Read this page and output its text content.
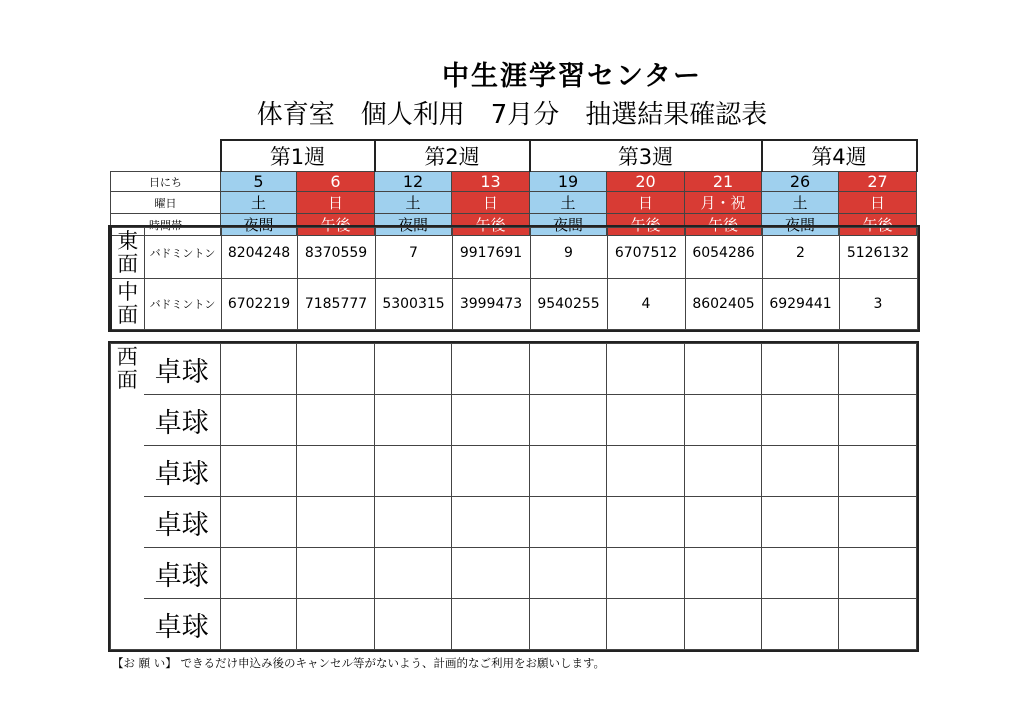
中生涯学習センター
体育室　個人利用　7月分　抽選結果確認表
	第1週		第2週		第3週			第4週	
日にち	5	6	12	13	19	20	21	26	27
曜日	土	日	土	日	土	日	月・祝	土	日
時間帯	夜間	午後	夜間	午後	夜間	午後	午後	夜間	午後
東面	バドミントン	8204248	8370559	7	9917691	9	6707512	6054286	2	5126132
中面	バドミントン	6702219	7185777	5300315	3999473	9540255	4	8602405	6929441	3
西面	卓球									
	卓球									
	卓球									
	卓球									
	卓球									
	卓球									
【お 願 い】 できるだけ申込み後のキャンセル等がないよう、計画的なご利用をお願いします。
